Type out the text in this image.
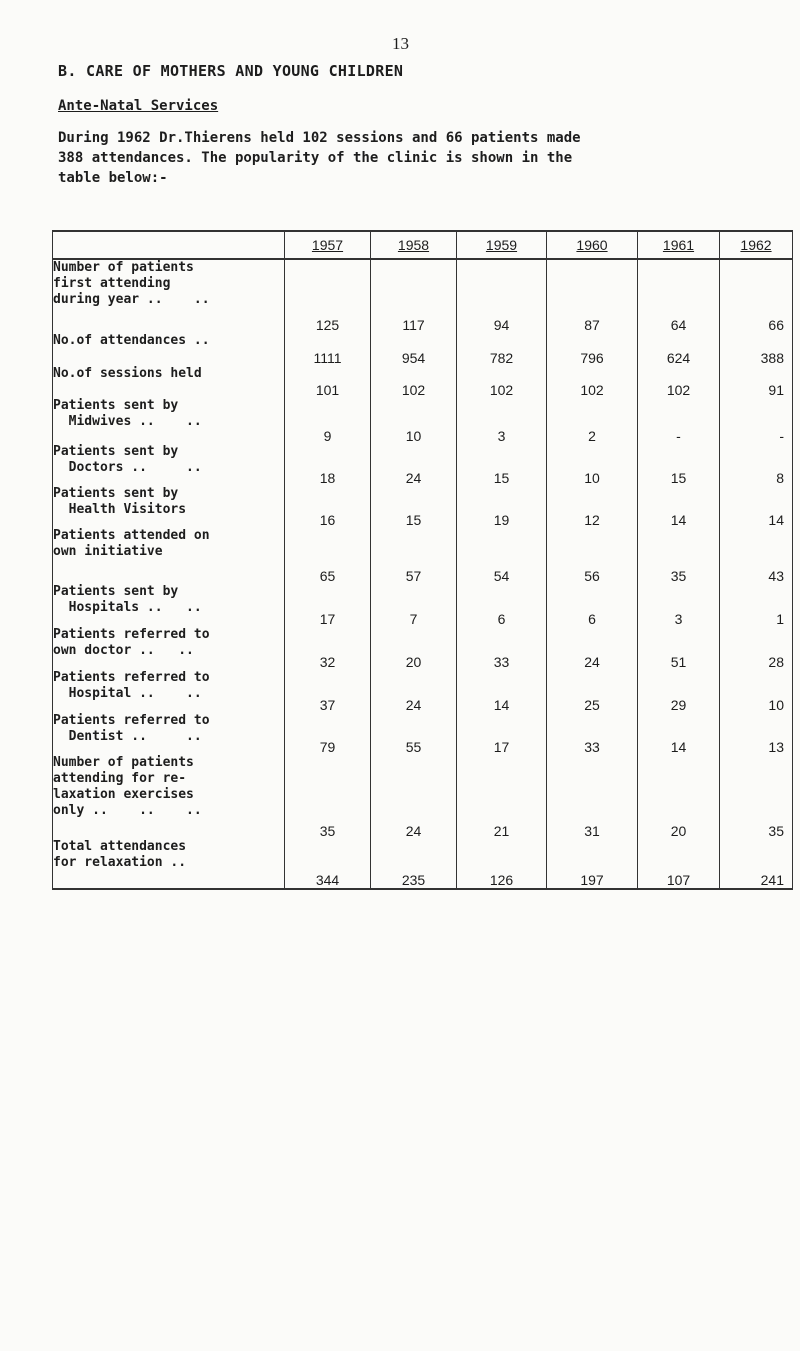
13
B. CARE OF MOTHERS AND YOUNG CHILDREN
Ante-Natal Services

During 1962 Dr.Thierens held 102 sessions and 66 patients made

388 attendances. The popularity of the clinic is shown in the

table below:-

	1957	1958	1959	1960	1961	1962

Number of patients
first attending
during year ..    ..	125	117	94	87	64	66

No.of attendances ..	1111	954	782	796	624	388

No.of sessions held	101	102	102	102	102	91

Patients sent by
Midwives ..    ..	9	10	3	2	-	-

Patients sent by
Doctors ..     ..	18	24	15	10	15	8

Patients sent by
Health Visitors	16	15	19	12	14	14

Patients attended on
own initiative	65	57	54	56	35	43

Patients sent by
Hospitals ..   ..	17	7	6	6	3	1

Patients referred to
own doctor ..   ..	32	20	33	24	51	28

Patients referred to
Hospital ..    ..	37	24	14	25	29	10

Patients referred to
Dentist ..     ..	79	55	17	33	14	13

Number of patients
attending for re-
laxation exercises
only ..    ..    ..	35	24	21	31	20	35

Total attendances
for relaxation ..	344	235	126	197	107	241
